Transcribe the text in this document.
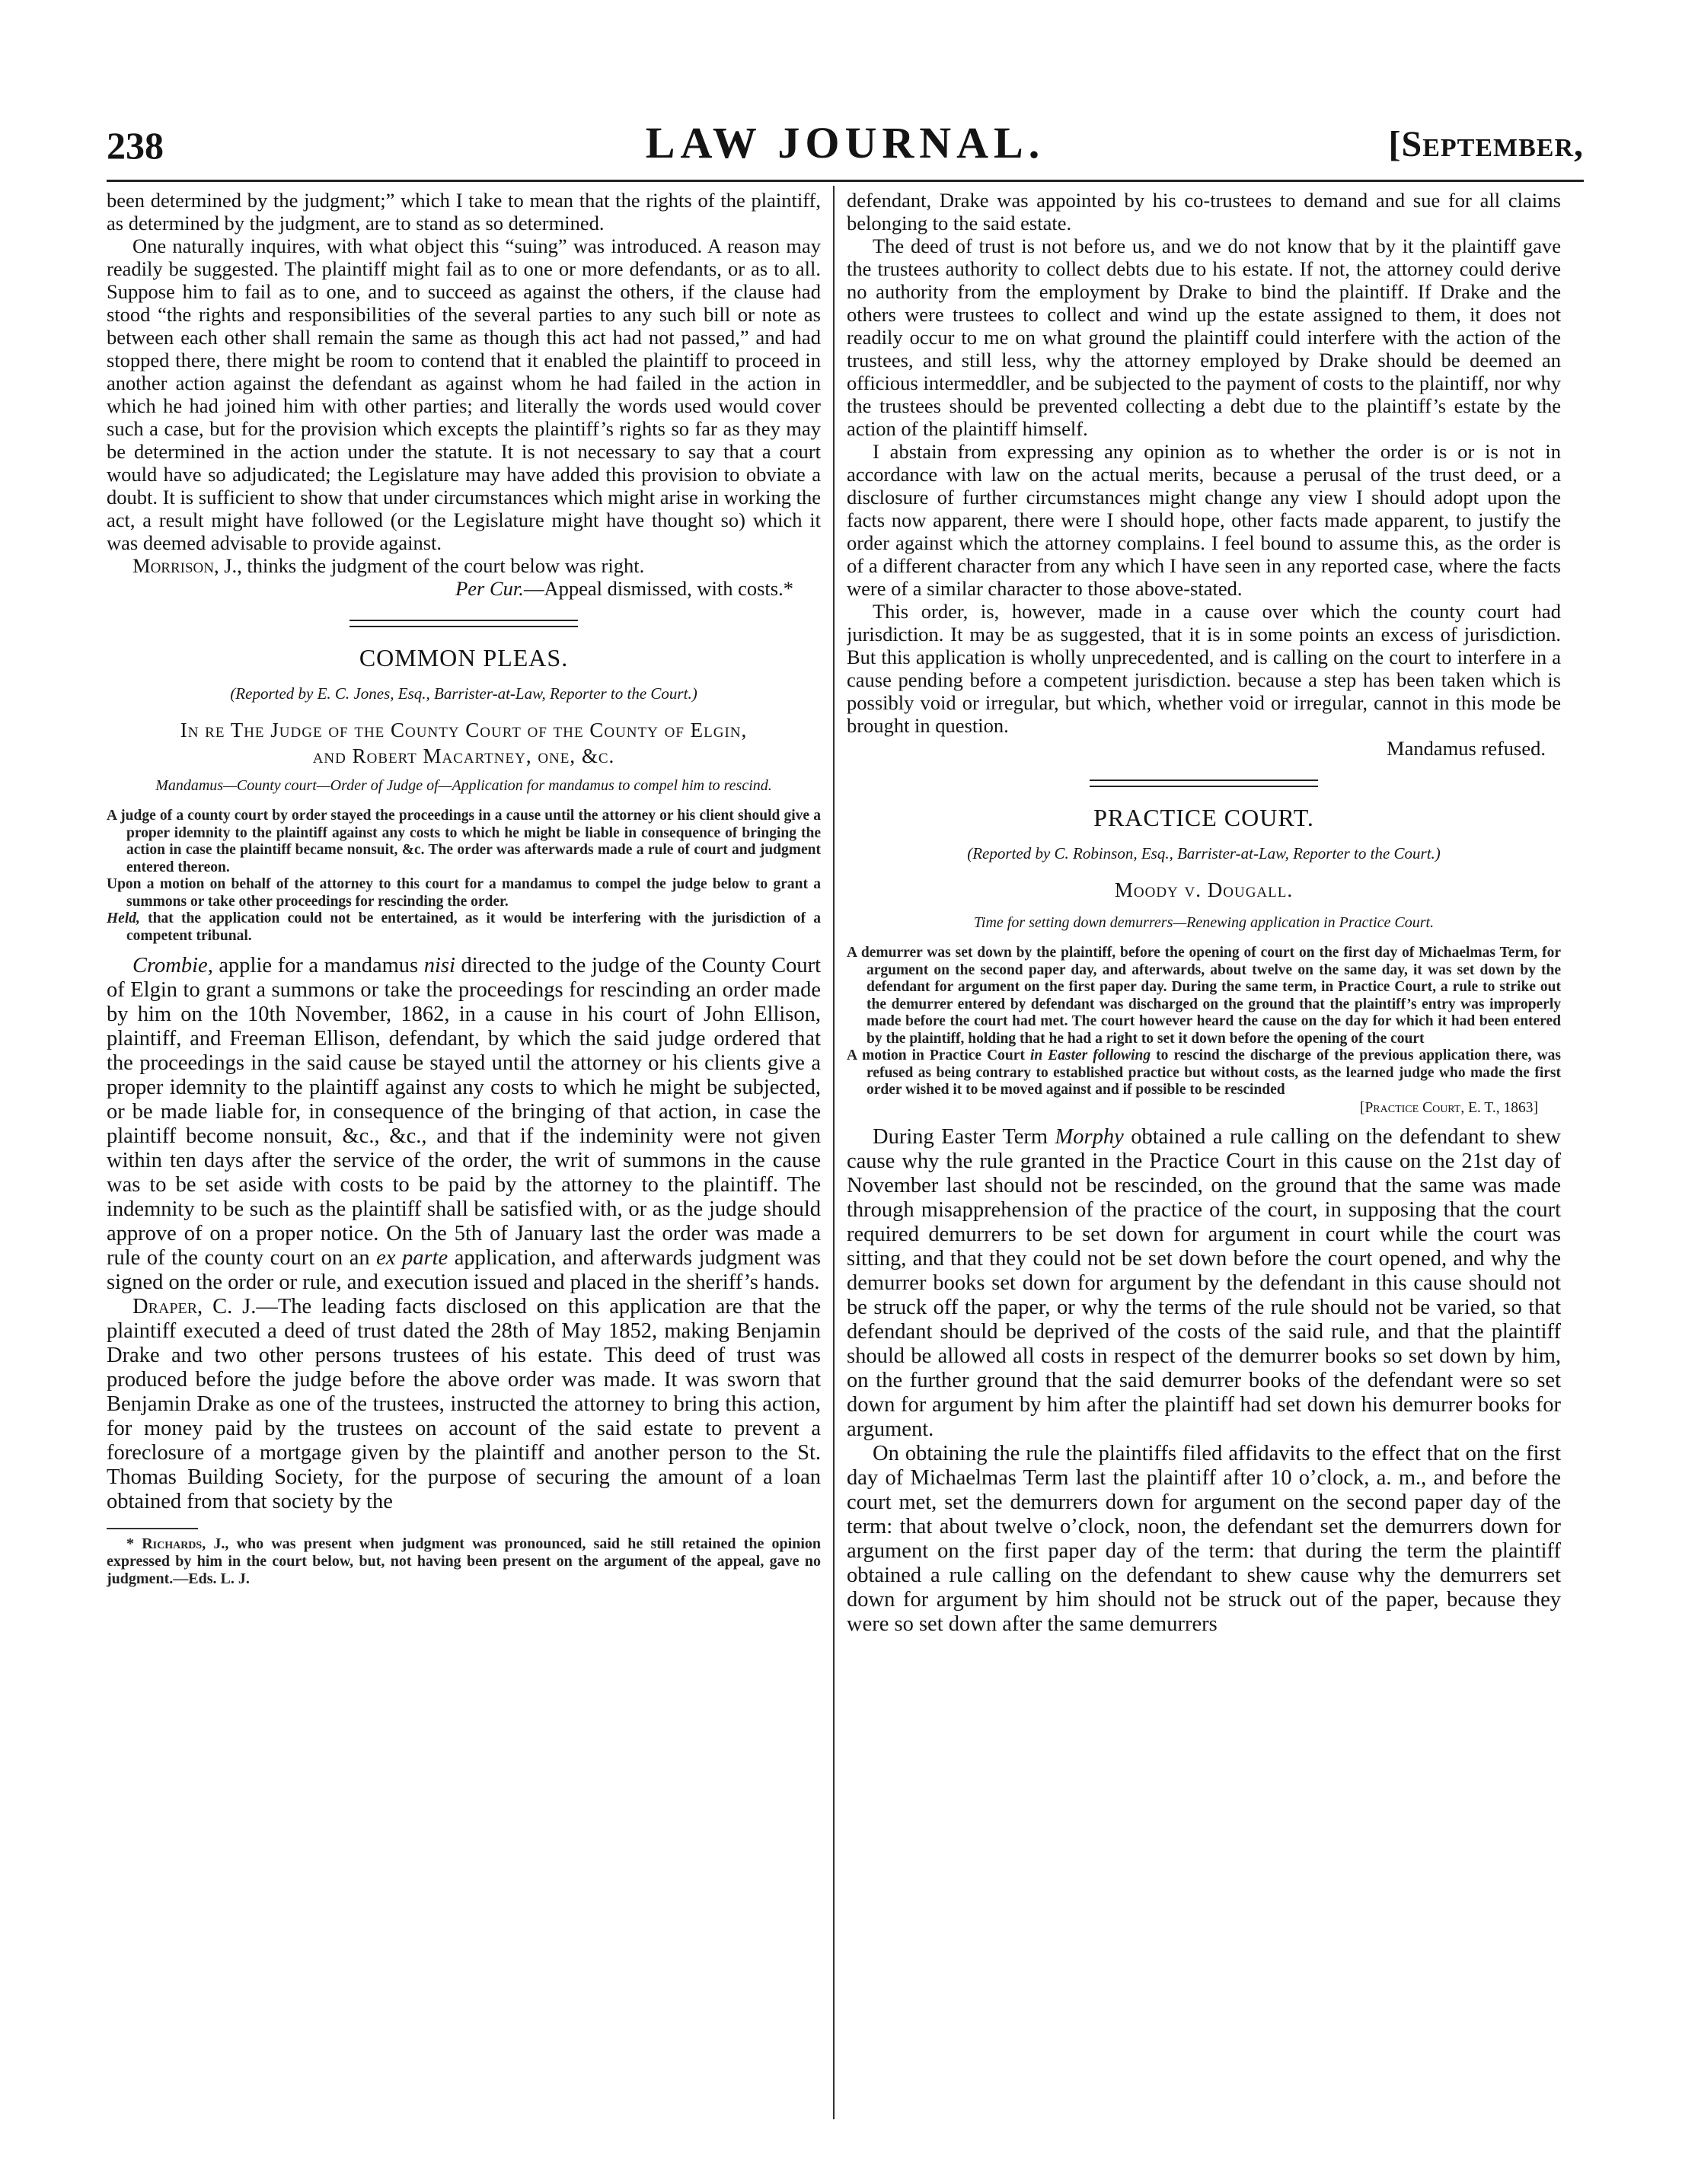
238	LAW JOURNAL.	[September,

been determined by the judgment;” which I take to mean that the rights of the plaintiff, as determined by the judgment, are to stand as so determined.

One naturally inquires, with what object this “suing” was introduced. A reason may readily be suggested. The plaintiff might fail as to one or more defendants, or as to all. Suppose him to fail as to one, and to succeed as against the others, if the clause had stood “the rights and responsibilities of the several parties to any such bill or note as between each other shall remain the same as though this act had not passed,” and had stopped there, there might be room to contend that it enabled the plaintiff to proceed in another action against the defendant as against whom he had failed in the action in which he had joined him with other parties; and literally the words used would cover such a case, but for the provision which excepts the plaintiff’s rights so far as they may be determined in the action under the statute. It is not necessary to say that a court would have so adjudicated; the Legislature may have added this provision to obviate a doubt. It is sufficient to show that under circumstances which might arise in working the act, a result might have followed (or the Legislature might have thought so) which it was deemed advisable to provide against.

Morrison, J., thinks the judgment of the court below was right.

Per Cur.—Appeal dismissed, with costs.*

COMMON PLEAS.
(Reported by E. C. Jones, Esq., Barrister-at-Law, Reporter to the Court.)
In re The Judge of the County Court of the County of Elgin,
and Robert Macartney, one, &c.
Mandamus—County court—Order of Judge of—Application for mandamus to compel him to rescind.

A judge of a county court by order stayed the proceedings in a cause until the attorney or his client should give a proper idemnity to the plaintiff against any costs to which he might be liable in consequence of bringing the action in case the plaintiff became nonsuit, &c. The order was afterwards made a rule of court and judgment entered thereon.

Upon a motion on behalf of the attorney to this court for a mandamus to compel the judge below to grant a summons or take other proceedings for rescinding the order.

Held, that the application could not be entertained, as it would be interfering with the jurisdiction of a competent tribunal.

Crombie, applie for a mandamus nisi directed to the judge of the County Court of Elgin to grant a summons or take the proceedings for rescinding an order made by him on the 10th November, 1862, in a cause in his court of John Ellison, plaintiff, and Freeman Ellison, defendant, by which the said judge ordered that the proceedings in the said cause be stayed until the attorney or his clients give a proper idemnity to the plaintiff against any costs to which he might be subjected, or be made liable for, in consequence of the bringing of that action, in case the plaintiff become nonsuit, &c., &c., and that if the indeminity were not given within ten days after the service of the order, the writ of summons in the cause was to be set aside with costs to be paid by the attorney to the plaintiff. The indemnity to be such as the plaintiff shall be satisfied with, or as the judge should approve of on a proper notice. On the 5th of January last the order was made a rule of the county court on an ex parte application, and afterwards judgment was signed on the order or rule, and execution issued and placed in the sheriff’s hands.

Draper, C. J.—The leading facts disclosed on this application are that the plaintiff executed a deed of trust dated the 28th of May 1852, making Benjamin Drake and two other persons trustees of his estate. This deed of trust was produced before the judge before the above order was made. It was sworn that Benjamin Drake as one of the trustees, instructed the attorney to bring this action, for money paid by the trustees on account of the said estate to prevent a foreclosure of a mortgage given by the plaintiff and another person to the St. Thomas Building Society, for the purpose of securing the amount of a loan obtained from that society by the

* Richards, J., who was present when judgment was pronounced, said he still retained the opinion expressed by him in the court below, but, not having been present on the argument of the appeal, gave no judgment.—Eds. L. J.

defendant, Drake was appointed by his co-trustees to demand and sue for all claims belonging to the said estate.

The deed of trust is not before us, and we do not know that by it the plaintiff gave the trustees authority to collect debts due to his estate. If not, the attorney could derive no authority from the employment by Drake to bind the plaintiff. If Drake and the others were trustees to collect and wind up the estate assigned to them, it does not readily occur to me on what ground the plaintiff could interfere with the action of the trustees, and still less, why the attorney employed by Drake should be deemed an officious intermeddler, and be subjected to the payment of costs to the plaintiff, nor why the trustees should be prevented collecting a debt due to the plaintiff’s estate by the action of the plaintiff himself.

I abstain from expressing any opinion as to whether the order is or is not in accordance with law on the actual merits, because a perusal of the trust deed, or a disclosure of further circumstances might change any view I should adopt upon the facts now apparent, there were I should hope, other facts made apparent, to justify the order against which the attorney complains. I feel bound to assume this, as the order is of a different character from any which I have seen in any reported case, where the facts were of a similar character to those above-stated.

This order, is, however, made in a cause over which the county court had jurisdiction. It may be as suggested, that it is in some points an excess of jurisdiction. But this application is wholly unprecedented, and is calling on the court to interfere in a cause pending before a competent jurisdiction. because a step has been taken which is possibly void or irregular, but which, whether void or irregular, cannot in this mode be brought in question.

Mandamus refused.

PRACTICE COURT.
(Reported by C. Robinson, Esq., Barrister-at-Law, Reporter to the Court.)
Moody v. Dougall.
Time for setting down demurrers—Renewing application in Practice Court.

A demurrer was set down by the plaintiff, before the opening of court on the first day of Michaelmas Term, for argument on the second paper day, and afterwards, about twelve on the same day, it was set down by the defendant for argument on the first paper day. During the same term, in Practice Court, a rule to strike out the demurrer entered by defendant was discharged on the ground that the plaintiff’s entry was improperly made before the court had met. The court however heard the cause on the day for which it had been entered by the plaintiff, holding that he had a right to set it down before the opening of the court

A motion in Practice Court in Easter following to rescind the discharge of the previous application there, was refused as being contrary to established practice but without costs, as the learned judge who made the first order wished it to be moved against and if possible to be rescinded

[Practice Court, E. T., 1863]

During Easter Term Morphy obtained a rule calling on the defendant to shew cause why the rule granted in the Practice Court in this cause on the 21st day of November last should not be rescinded, on the ground that the same was made through misapprehension of the practice of the court, in supposing that the court required demurrers to be set down for argument in court while the court was sitting, and that they could not be set down before the court opened, and why the demurrer books set down for argument by the defendant in this cause should not be struck off the paper, or why the terms of the rule should not be varied, so that defendant should be deprived of the costs of the said rule, and that the plaintiff should be allowed all costs in respect of the demurrer books so set down by him, on the further ground that the said demurrer books of the defendant were so set down for argument by him after the plaintiff had set down his demurrer books for argument.

On obtaining the rule the plaintiffs filed affidavits to the effect that on the first day of Michaelmas Term last the plaintiff after 10 o’clock, a. m., and before the court met, set the demurrers down for argument on the second paper day of the term: that about twelve o’clock, noon, the defendant set the demurrers down for argument on the first paper day of the term: that during the term the plaintiff obtained a rule calling on the defendant to shew cause why the demurrers set down for argument by him should not be struck out of the paper, because they were so set down after the same demurrers
